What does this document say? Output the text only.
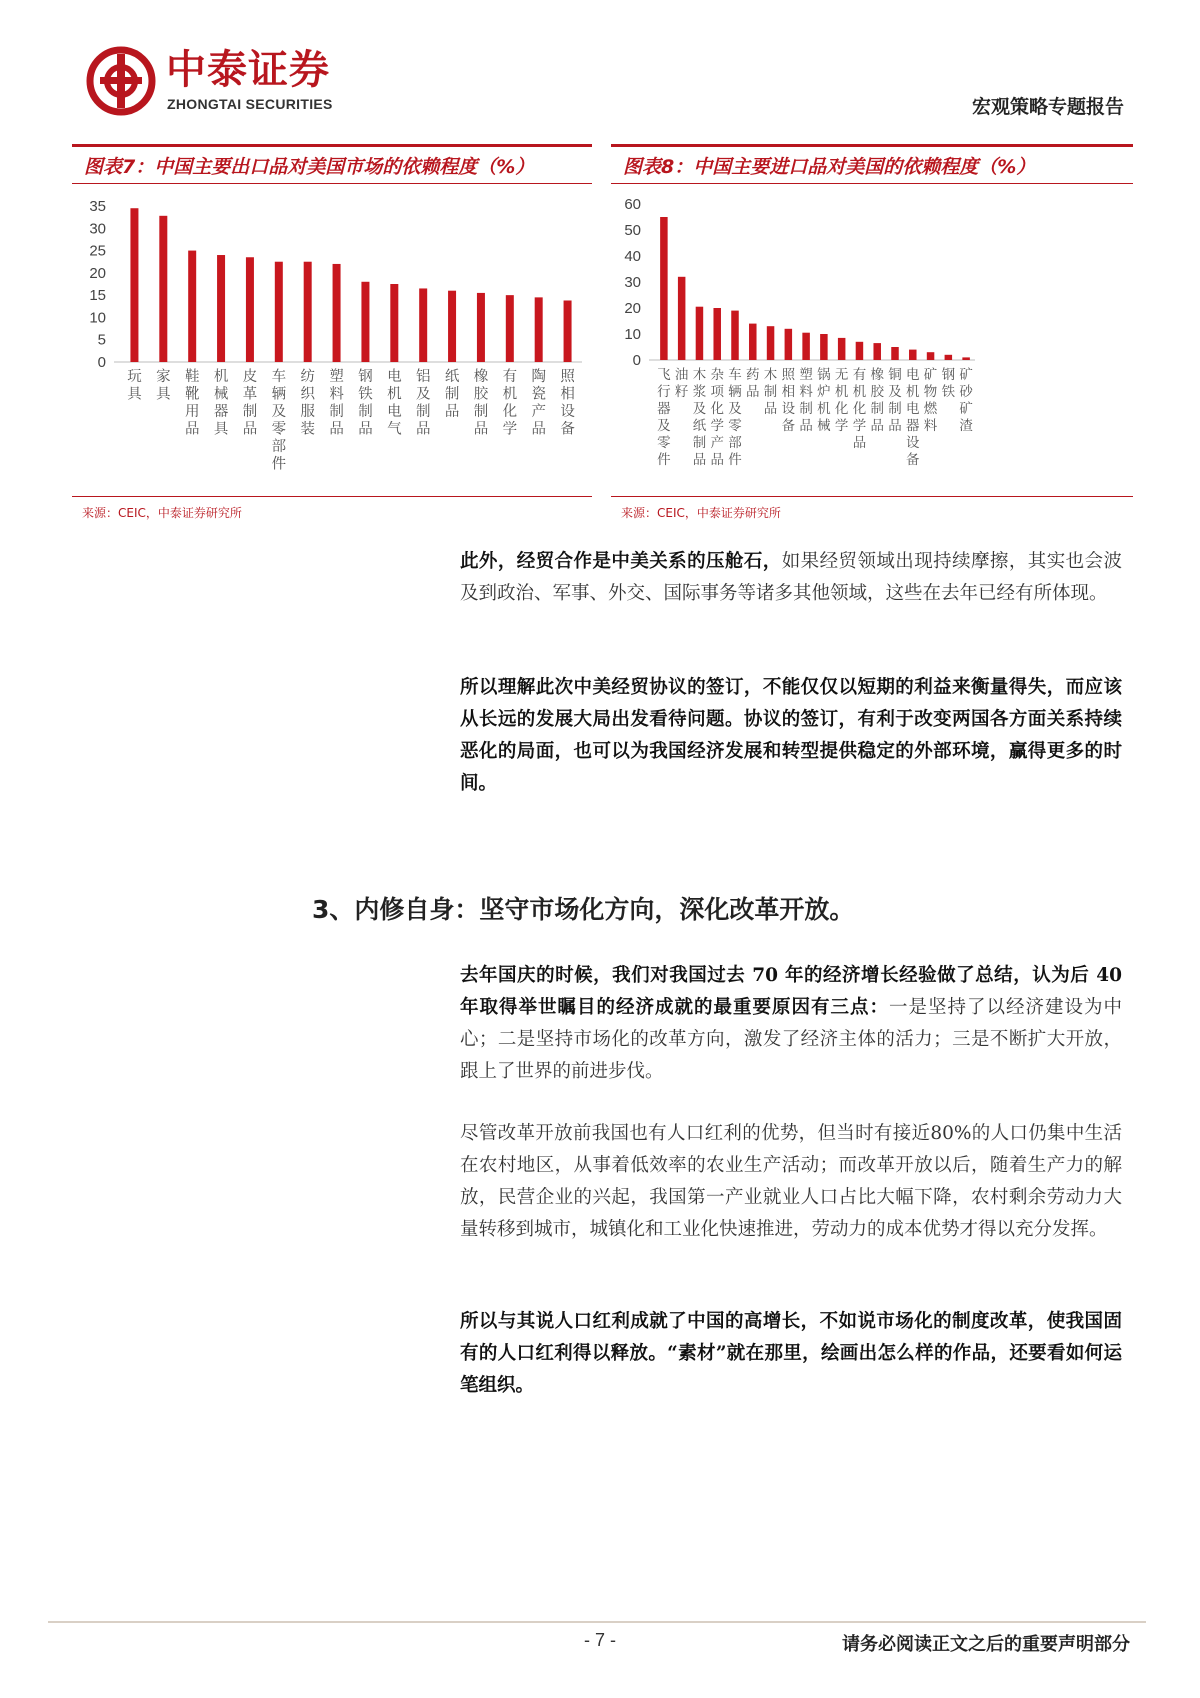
中泰证券
ZHONGTAI SECURITIES	宏观策略专题报告
图表7：中国主要出口品对美国市场的依赖程度（%）
0
5
10
15
20
25
30
35
玩具
家具
鞋靴用品
机械器具
皮革制品
车辆及零部件
纺织服装
塑料制品
钢铁制品
电机电气
铝及制品
纸制品
橡胶制品
有机化学
陶瓷产品
照相设备
来源：CEIC，中泰证券研究所
图表8：中国主要进口品对美国的依赖程度（%）
0
10
20
30
40
50
60
飞行器及零件
油籽
木浆及纸制品
杂项化学产品
车辆及零部件
药品
木制品
照相设备
塑料制品
锅炉机械
无机化学
有机化学品
橡胶制品
铜及制品
电机电器设备
矿物燃料
钢铁
矿砂矿渣
来源：CEIC，中泰证券研究所

此外，经贸合作是中美关系的压舱石，如果经贸领域出现持续摩擦，其实也会波及到政治、军事、外交、国际事务等诸多其他领域，这些在去年已经有所体现。

所以理解此次中美经贸协议的签订，不能仅仅以短期的利益来衡量得失，而应该从长远的发展大局出发看待问题。协议的签订，有利于改变两国各方面关系持续恶化的局面，也可以为我国经济发展和转型提供稳定的外部环境，赢得更多的时间。

3、内修自身：坚守市场化方向，深化改革开放。

去年国庆的时候，我们对我国过去 70 年的经济增长经验做了总结，认为后 40 年取得举世瞩目的经济成就的最重要原因有三点：一是坚持了以经济建设为中心；二是坚持市场化的改革方向，激发了经济主体的活力；三是不断扩大开放，跟上了世界的前进步伐。

尽管改革开放前我国也有人口红利的优势，但当时有接近80%的人口仍集中生活在农村地区，从事着低效率的农业生产活动；而改革开放以后，随着生产力的解放，民营企业的兴起，我国第一产业就业人口占比大幅下降，农村剩余劳动力大量转移到城市，城镇化和工业化快速推进，劳动力的成本优势才得以充分发挥。

所以与其说人口红利成就了中国的高增长，不如说市场化的制度改革，使我国固有的人口红利得以释放。“素材”就在那里，绘画出怎么样的作品，还要看如何运笔组织。

- 7 -	请务必阅读正文之后的重要声明部分
